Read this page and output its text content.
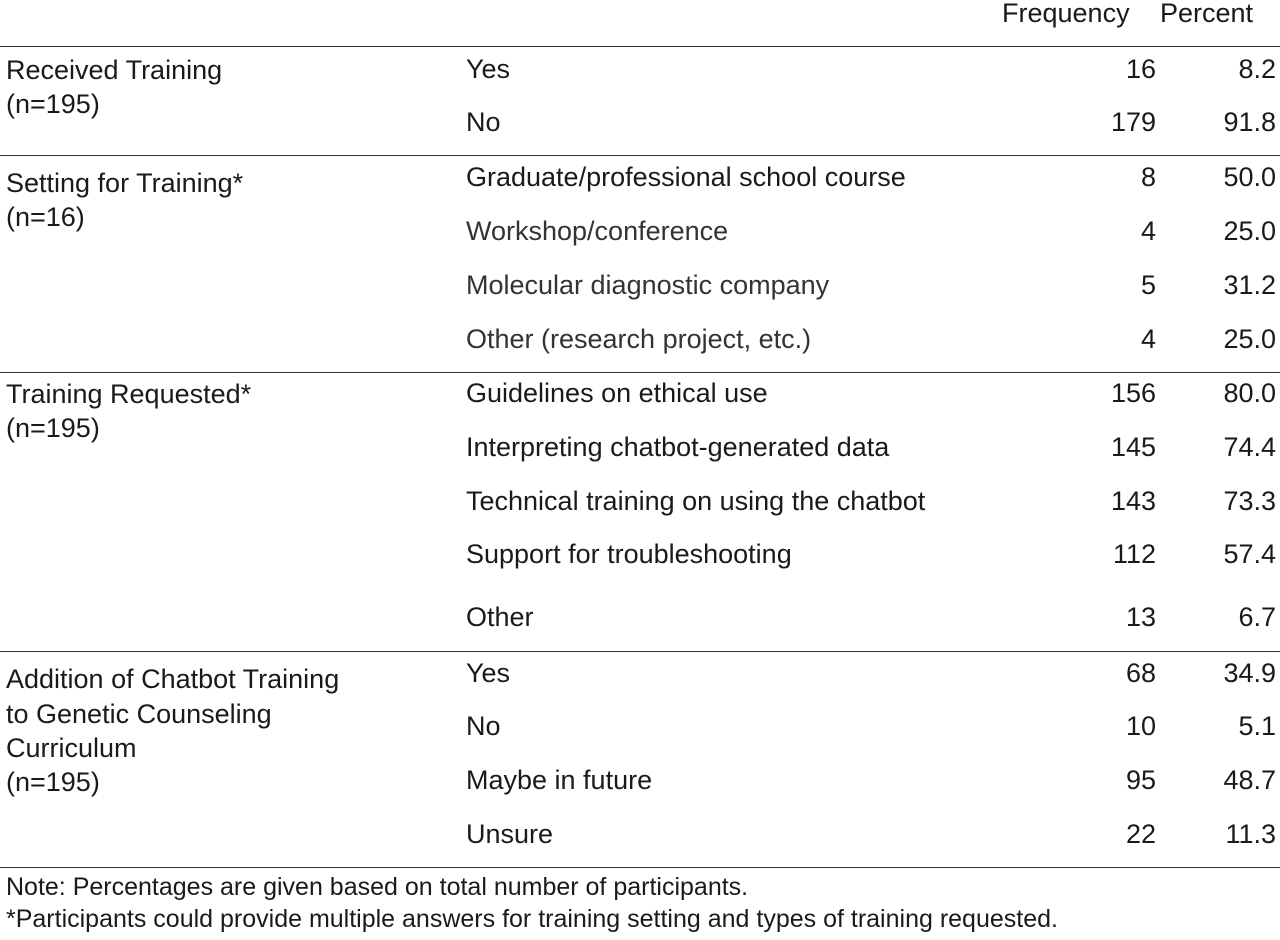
Frequency Percent
Received Training
(n=195)
Yes	16	8.2
No	179	91.8
Setting for Training*
(n=16)
Graduate/professional school course	8	50.0
Workshop/conference	4	25.0
Molecular diagnostic company	5	31.2
Other (research project, etc.)	4	25.0
Training Requested*
(n=195)
Guidelines on ethical use	156	80.0
Interpreting chatbot-generated data	145	74.4
Technical training on using the chatbot	143	73.3
Support for troubleshooting	112	57.4
Other	13	6.7
Addition of Chatbot Training
to Genetic Counseling
Curriculum
(n=195)
Yes	68	34.9
No	10	5.1
Maybe in future	95	48.7
Unsure	22	11.3
Note: Percentages are given based on total number of participants.
*Participants could provide multiple answers for training setting and types of training requested.
